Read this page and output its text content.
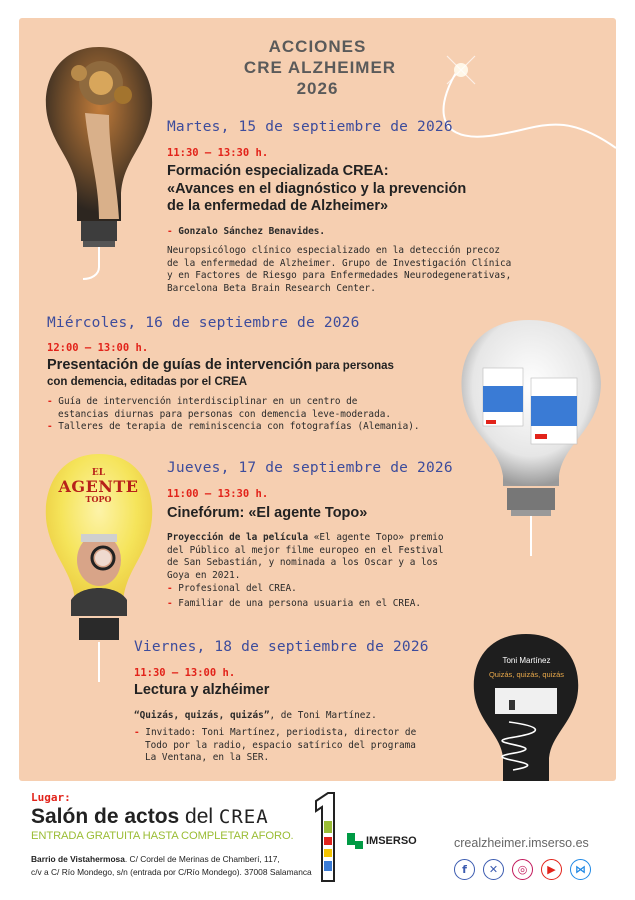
ACCIONES
CRE ALZHEIMER
2026
Martes, 15 de septiembre de 2026
11:30 – 13:30 h.
Formación especializada CREA:
«Avances en el diagnóstico y la prevención
de la enfermedad de Alzheimer»
- Gonzalo Sánchez Benavides.
Neuropsicólogo clínico especializado en la detección precoz
de la enfermedad de Alzheimer. Grupo de Investigación Clínica
y en Factores de Riesgo para Enfermedades Neurodegenerativas,
Barcelona Beta Brain Research Center.
Miércoles, 16 de septiembre de 2026
12:00 – 13:00 h.
Presentación de guías de intervención para personas
con demencia, editadas por el CREA
- Guía de intervención interdisciplinar en un centro de
estancias diurnas para personas con demencia leve-moderada.
- Talleres de terapia de reminiscencia con fotografías (Alemania).
EL
AGENTE
TOPO
Jueves, 17 de septiembre de 2026
11:00 – 13:30 h.
Cinefórum: «El agente Topo»
Proyección de la película «El agente Topo» premio
del Público al mejor filme europeo en el Festival
de San Sebastián, y nominada a los Oscar y a los
Goya en 2021.
- Profesional del CREA.
- Familiar de una persona usuaria en el CREA.
Viernes, 18 de septiembre de 2026
11:30 – 13:00 h.
Lectura y alzhéimer
“Quizás, quizás, quizás”, de Toni Martínez.
- Invitado: Toni Martínez, periodista, director de
Todo por la radio, espacio satírico del programa
La Ventana, en la SER.
Toni Martínez
Quizás, quizás, quizás
Lugar:
Salón de actos del CREA
ENTRADA GRATUITA HASTA COMPLETAR AFORO.
Barrio de Vistahermosa. C/ Cordel de Merinas de Chamberí, 117,
c/v a C/ Río Mondego, s/n (entrada por C/Río Mondego). 37008 Salamanca
IMSERSO	crealzheimer.imserso.es
f	✕	◎	▶	⋈
